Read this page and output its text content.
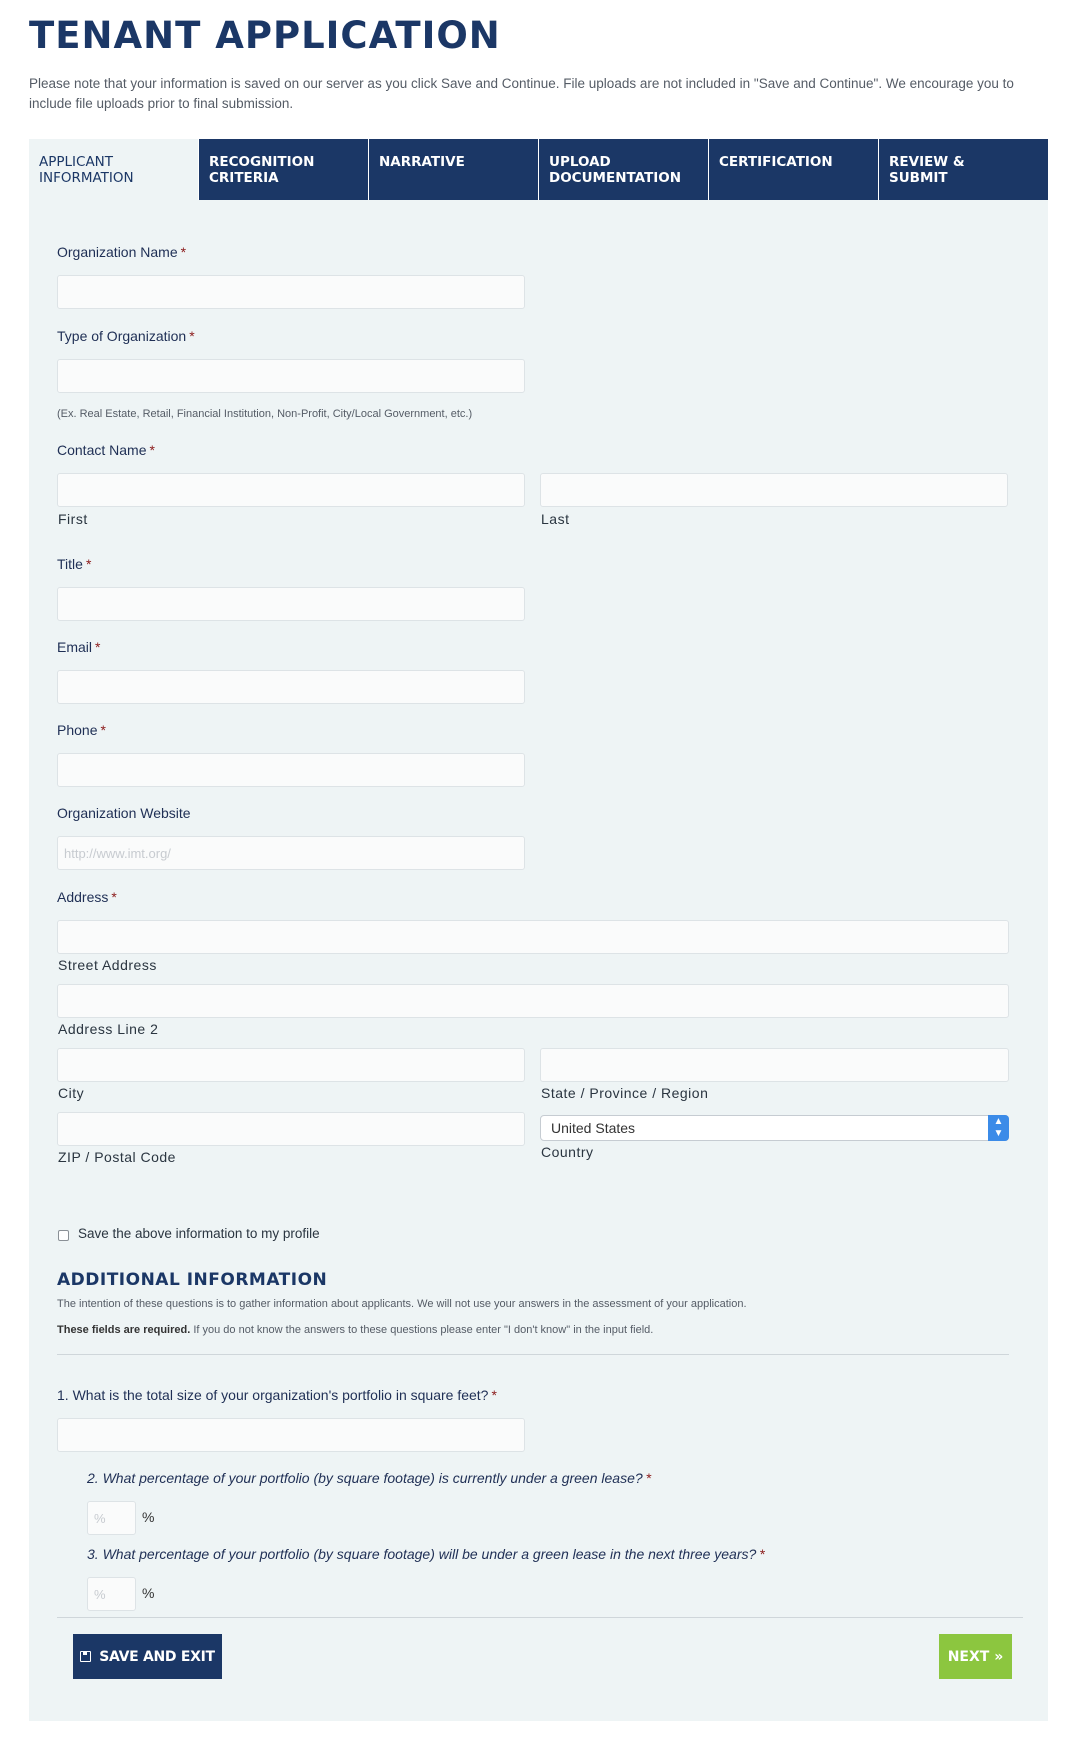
TENANT APPLICATION

Please note that your information is saved on our server as you click Save and Continue. File uploads are not included in "Save and Continue". We encourage you to include file uploads prior to final submission.

APPLICANT
INFORMATION
RECOGNITION
CRITERIA
NARRATIVE	UPLOAD
DOCUMENTATION
CERTIFICATION	REVIEW &
SUBMIT

Organization Name *

Type of Organization *

(Ex. Real Estate, Retail, Financial Institution, Non-Profit, City/Local Government, etc.)

Contact Name *

First	Last

Title *

Email *

Phone *

Organization Website

http://www.imt.org/

Address *

Street Address

Address Line 2

City	State / Province / Region

ZIP / Postal Code

United States	▲
▼

Country

Save the above information to my profile

ADDITIONAL INFORMATION

The intention of these questions is to gather information about applicants. We will not use your answers in the assessment of your application.

These fields are required. If you do not know the answers to these questions please enter "I don't know" in the input field.

1. What is the total size of your organization's portfolio in square feet? *

2. What percentage of your portfolio (by square footage) is currently under a green lease? *

%
%

3. What percentage of your portfolio (by square footage) will be under a green lease in the next three years? *

%
%
SAVE AND EXIT	NEXT »
